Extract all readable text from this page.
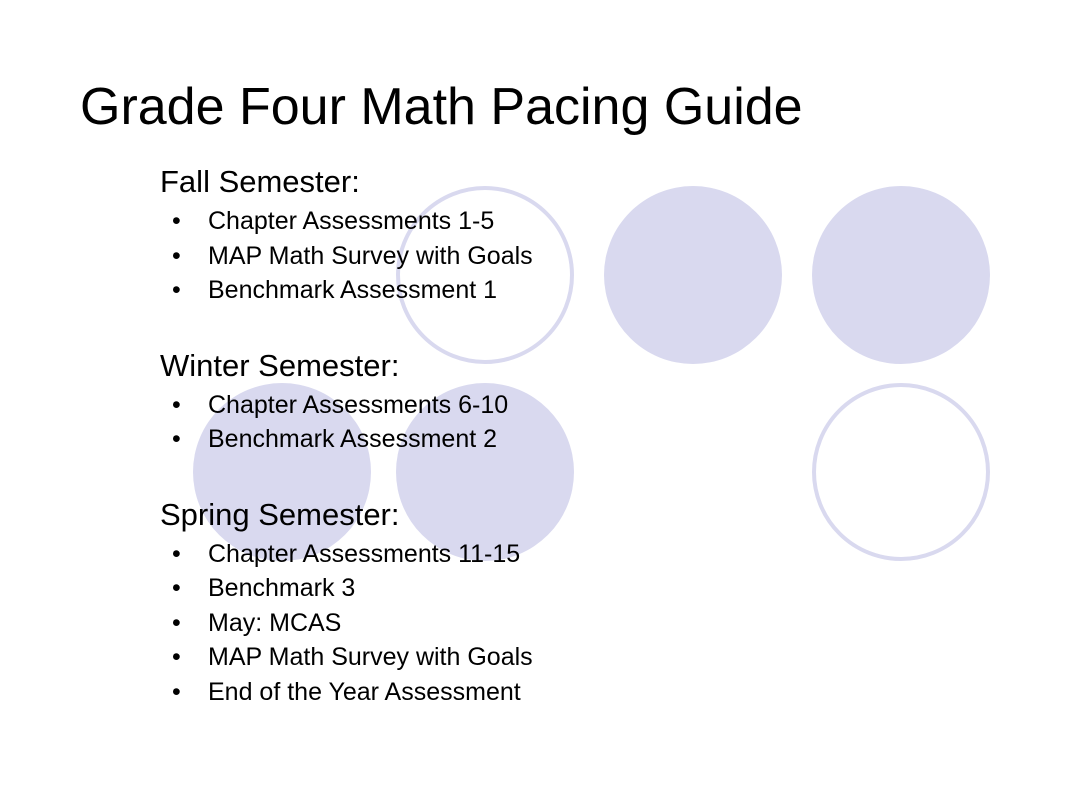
Grade Four Math Pacing Guide
Fall Semester:
• Chapter Assessments 1-5
• MAP Math Survey with Goals
• Benchmark Assessment 1
Winter Semester:
• Chapter Assessments 6-10
• Benchmark Assessment 2
Spring Semester:
• Chapter Assessments 11-15
• Benchmark 3
• May: MCAS
• MAP Math Survey with Goals
• End of the Year Assessment
